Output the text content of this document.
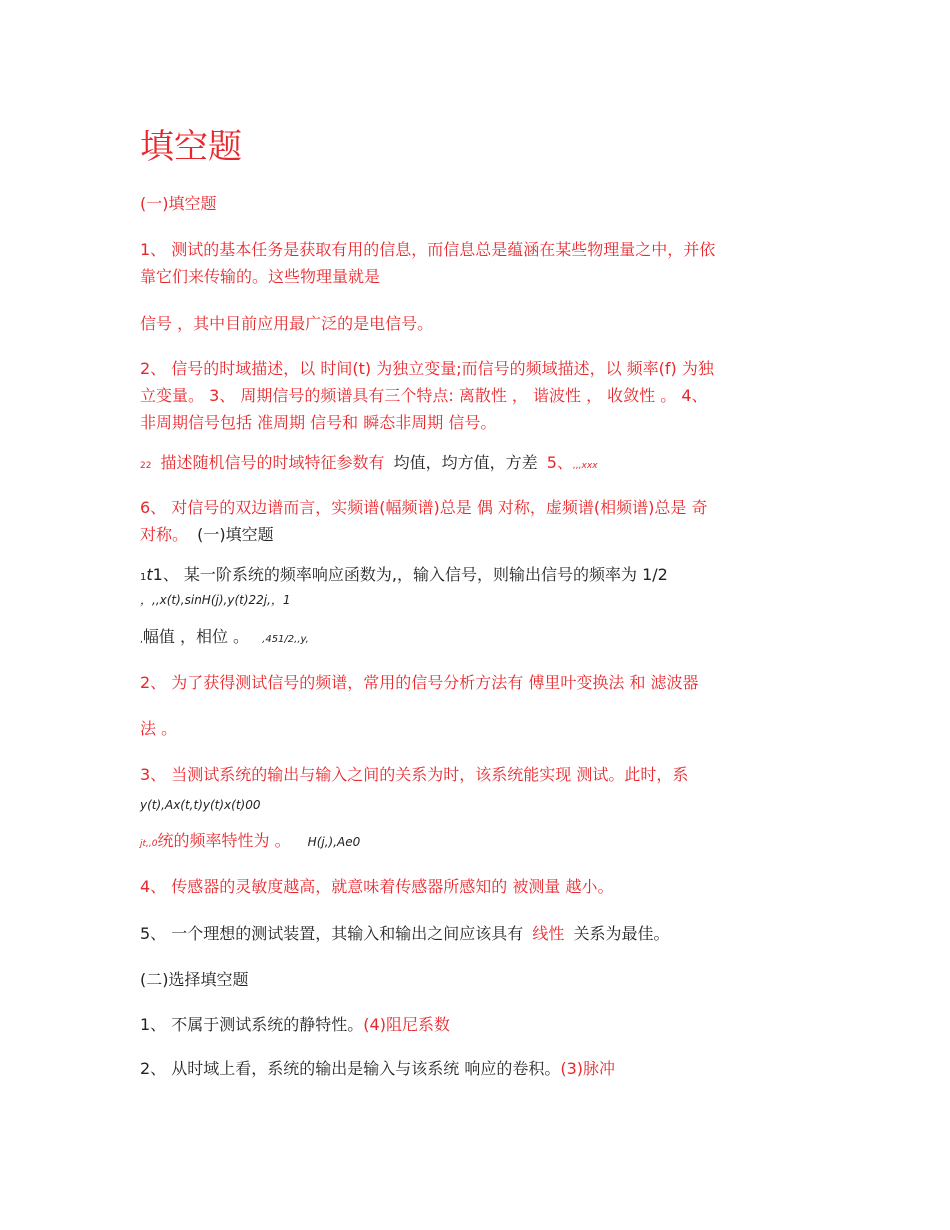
填空题
(一)填空题
1、 测试的基本任务是获取有用的信息，而信息总是蕴涵在某些物理量之中，并依
靠它们来传输的。这些物理量就是
信号 ，其中目前应用最广泛的是电信号。
2、 信号的时域描述，以 时间(t) 为独立变量;而信号的频域描述，以 频率(f) 为独
立变量。 3、 周期信号的频谱具有三个特点: 离散性 ， 谐波性 ， 收敛性 。 4、
非周期信号包括 准周期 信号和 瞬态非周期 信号。
22 描述随机信号的时域特征参数有 均值，均方值，方差 5、,,,xxx
6、 对信号的双边谱而言，实频谱(幅频谱)总是 偶 对称，虚频谱(相频谱)总是 奇
对称。 (一)填空题
1t1、 某一阶系统的频率响应函数为,，输入信号，则输出信号的频率为 1/2
，,,x(t),sinH(j),y(t)22j,，1
,幅值 ，相位 。 ,451/2,,y,
2、 为了获得测试信号的频谱，常用的信号分析方法有 傅里叶变换法 和 滤波器
法 。
3、 当测试系统的输出与输入之间的关系为时，该系统能实现 测试。此时，系
y(t),Ax(t,t)y(t)x(t)00
jt,,0统的频率特性为 。 H(j,),Ae0
4、 传感器的灵敏度越高，就意味着传感器所感知的 被测量 越小。
5、 一个理想的测试装置，其输入和输出之间应该具有 线性 关系为最佳。
(二)选择填空题
1、 不属于测试系统的静特性。(4)阻尼系数
2、 从时域上看，系统的输出是输入与该系统 响应的卷积。(3)脉冲
